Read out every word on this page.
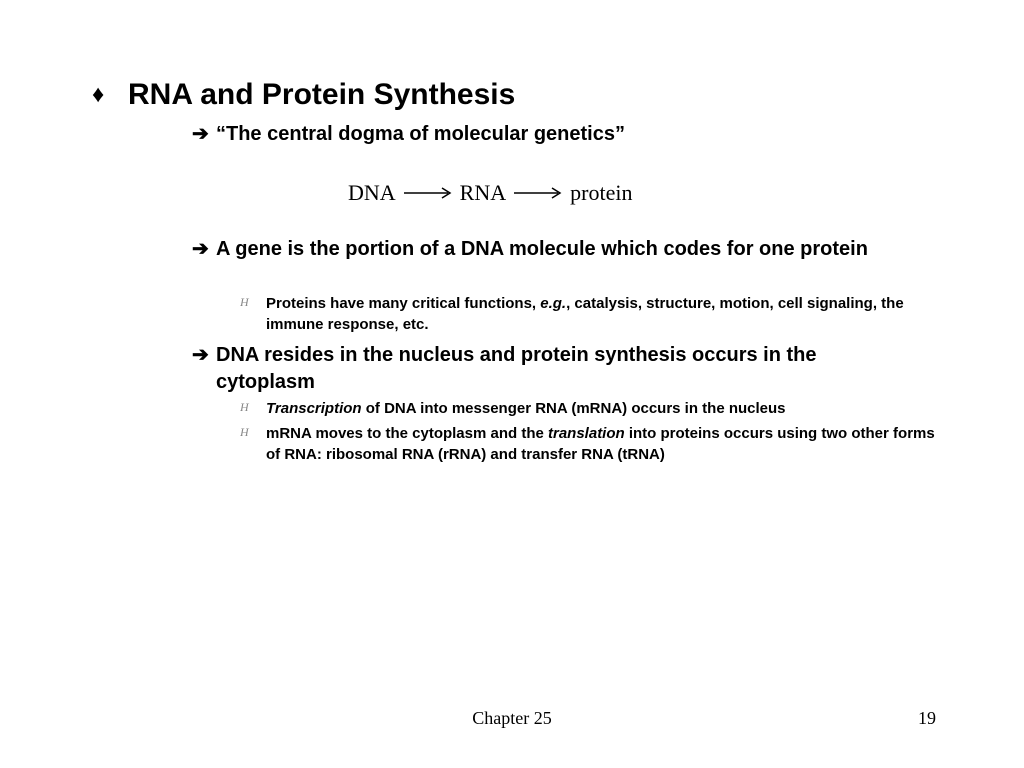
♦ RNA and Protein Synthesis
➔ “The central dogma of molecular genetics”
DNA	RNA	protein
➔ A gene is the portion of a DNA molecule which codes for one protein
H Proteins have many critical functions, e.g., catalysis, structure, motion, cell signaling, the immune response, etc.
➔ DNA resides in the nucleus and protein synthesis occurs in the cytoplasm
H Transcription of DNA into messenger RNA (mRNA) occurs in the nucleus
H mRNA moves to the cytoplasm and the translation into proteins occurs using two other forms of RNA: ribosomal RNA (rRNA) and transfer RNA (tRNA)
Chapter 25	19
